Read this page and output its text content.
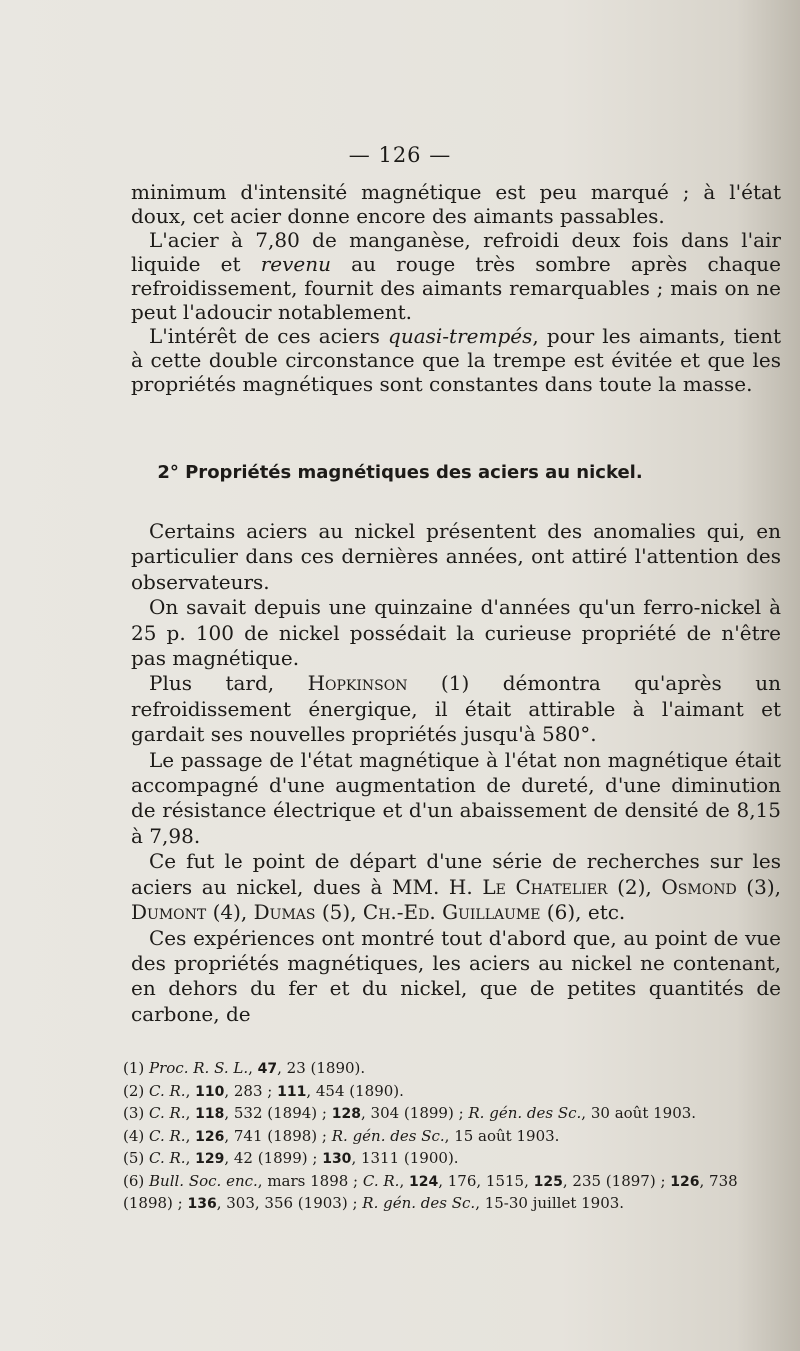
— 126 —

minimum d'intensité magnétique est peu marqué ; à l'état doux, cet acier donne encore des aimants passables.

L'acier à 7,80 de manganèse, refroidi deux fois dans l'air liquide et revenu au rouge très sombre après chaque refroidissement, fournit des aimants remarquables ; mais on ne peut l'adoucir notablement.

L'intérêt de ces aciers quasi-trempés, pour les aimants, tient à cette double circonstance que la trempe est évitée et que les propriétés magnétiques sont constantes dans toute la masse.

2° Propriétés magnétiques des aciers au nickel.

Certains aciers au nickel présentent des anomalies qui, en particulier dans ces dernières années, ont attiré l'attention des observateurs.

On savait depuis une quinzaine d'années qu'un ferro-nickel à 25 p. 100 de nickel possédait la curieuse propriété de n'être pas magnétique.

Plus tard, Hopkinson (1) démontra qu'après un refroidissement énergique, il était attirable à l'aimant et gardait ses nouvelles propriétés jusqu'à 580°.

Le passage de l'état magnétique à l'état non magnétique était accompagné d'une augmentation de dureté, d'une diminution de résistance électrique et d'un abaissement de densité de 8,15 à 7,98.

Ce fut le point de départ d'une série de recherches sur les aciers au nickel, dues à MM. H. Le Chatelier (2), Osmond (3), Dumont (4), Dumas (5), Ch.-Ed. Guillaume (6), etc.

Ces expériences ont montré tout d'abord que, au point de vue des propriétés magnétiques, les aciers au nickel ne contenant, en dehors du fer et du nickel, que de petites quantités de carbone, de

(1) Proc. R. S. L., 47, 23 (1890).

(2) C. R., 110, 283 ; 111, 454 (1890).

(3) C. R., 118, 532 (1894) ; 128, 304 (1899) ; R. gén. des Sc., 30 août 1903.

(4) C. R., 126, 741 (1898) ; R. gén. des Sc., 15 août 1903.

(5) C. R., 129, 42 (1899) ; 130, 1311 (1900).

(6) Bull. Soc. enc., mars 1898 ; C. R., 124, 176, 1515, 125, 235 (1897) ; 126, 738 (1898) ; 136, 303, 356 (1903) ; R. gén. des Sc., 15-30 juillet 1903.
